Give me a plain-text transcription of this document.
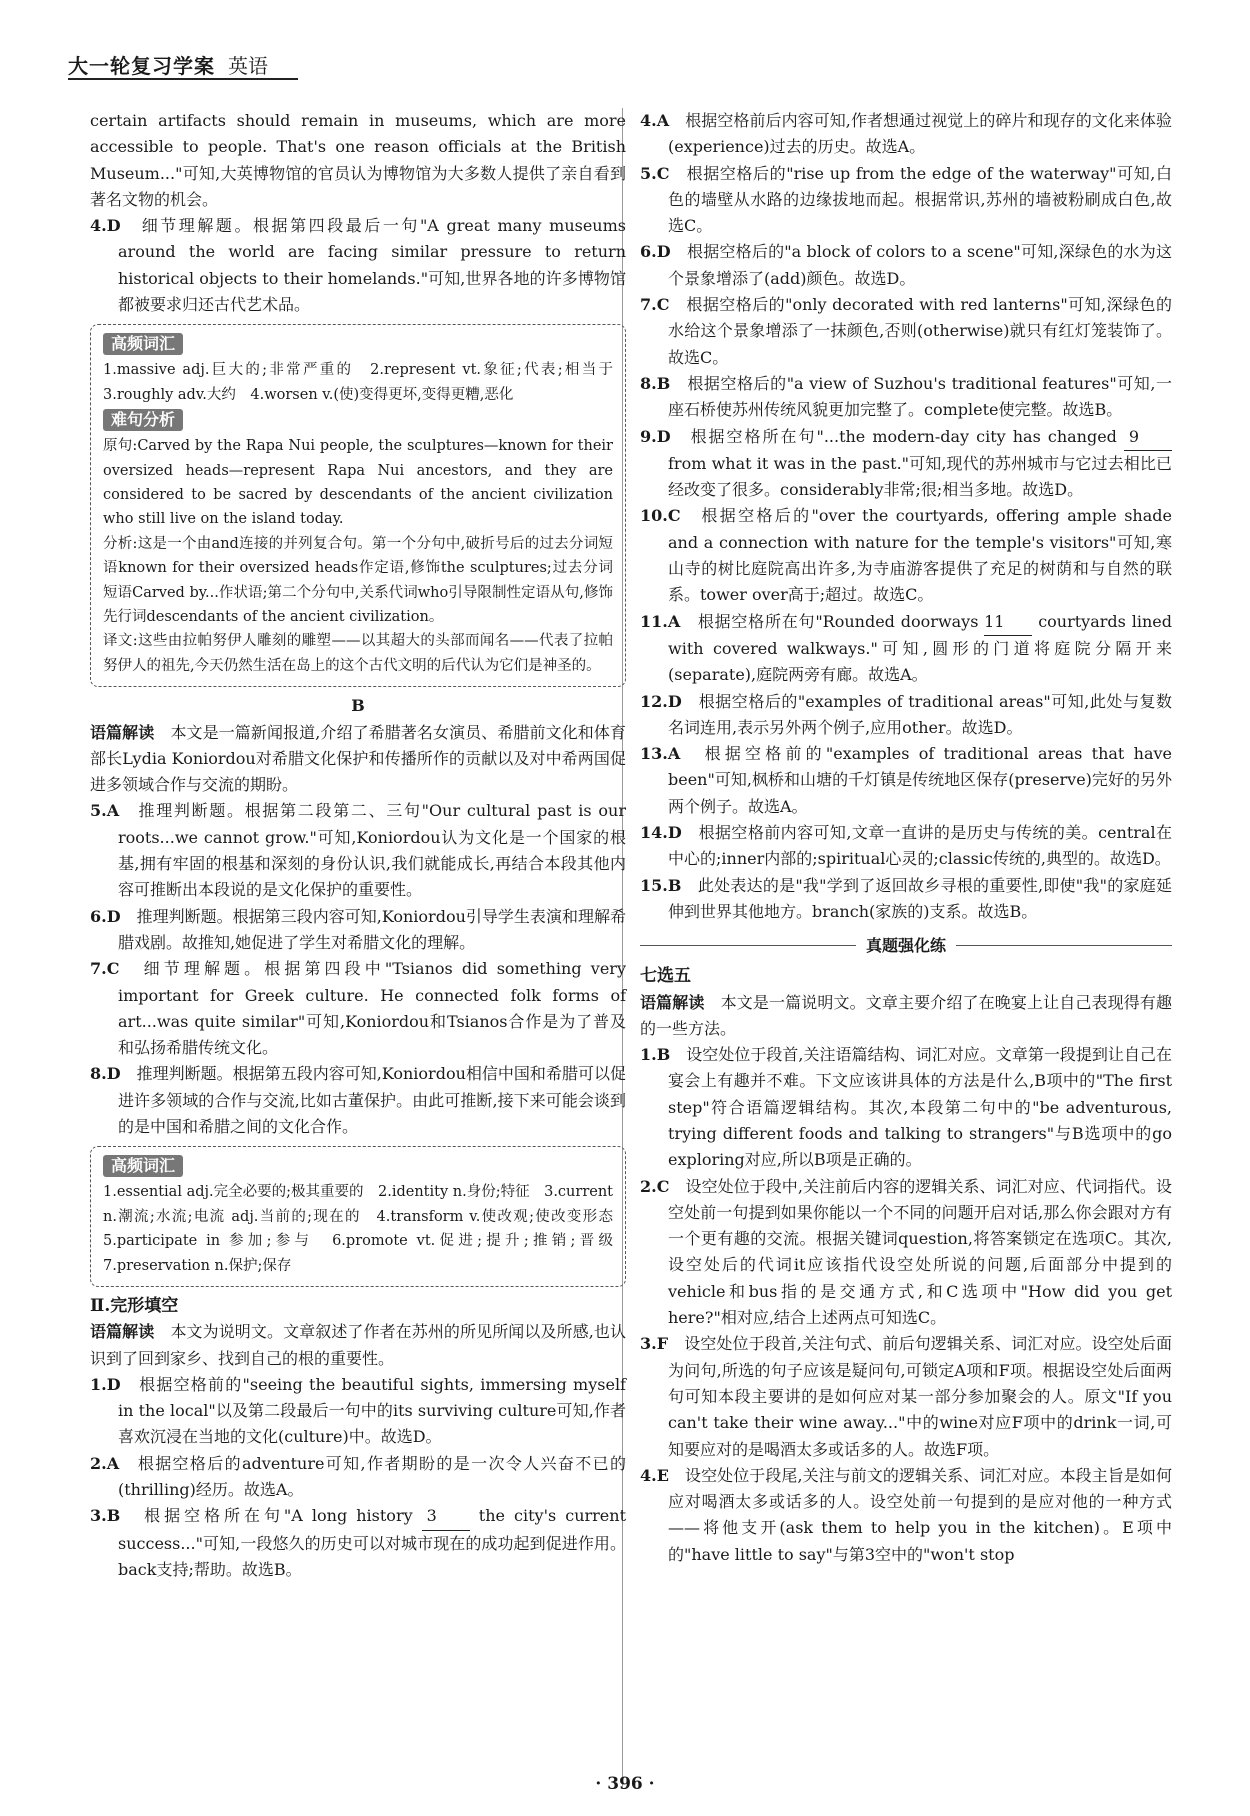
大一轮复习学案 英语

certain artifacts should remain in museums, which are more accessible to people. That's one reason officials at the British Museum..."可知,大英博物馆的官员认为博物馆为大多数人提供了亲自看到著名文物的机会。

4.D　 细节理解题。根据第四段最后一句"A great many museums around the world are facing similar pressure to return historical objects to their homelands."可知,世界各地的许多博物馆都被要求归还古代艺术品。

高频词汇

1.massive adj.巨大的;非常严重的　2.represent vt.象征;代表;相当于　3.roughly adv.大约　4.worsen v.(使)变得更坏,变得更糟,恶化

难句分析

原句:Carved by the Rapa Nui people, the sculptures—known for their oversized heads—represent Rapa Nui ancestors, and they are considered to be sacred by descendants of the ancient civilization who still live on the island today.

分析:这是一个由and连接的并列复合句。第一个分句中,破折号后的过去分词短语known for their oversized heads作定语,修饰the sculptures;过去分词短语Carved by...作状语;第二个分句中,关系代词who引导限制性定语从句,修饰先行词descendants of the ancient civilization。

译文:这些由拉帕努伊人雕刻的雕塑——以其超大的头部而闻名——代表了拉帕努伊人的祖先,今天仍然生活在岛上的这个古代文明的后代认为它们是神圣的。

B

语篇解读　 本文是一篇新闻报道,介绍了希腊著名女演员、希腊前文化和体育部长Lydia Koniordou对希腊文化保护和传播所作的贡献以及对中希两国促进多领域合作与交流的期盼。

5.A　 推理判断题。根据第二段第二、三句"Our cultural past is our roots...we cannot grow."可知,Koniordou认为文化是一个国家的根基,拥有牢固的根基和深刻的身份认识,我们就能成长,再结合本段其他内容可推断出本段说的是文化保护的重要性。

6.D　 推理判断题。根据第三段内容可知,Koniordou引导学生表演和理解希腊戏剧。故推知,她促进了学生对希腊文化的理解。

7.C　 细节理解题。根据第四段中"Tsianos did something very important for Greek culture. He connected folk forms of art...was quite similar"可知,Koniordou和Tsianos合作是为了普及和弘扬希腊传统文化。

8.D　 推理判断题。根据第五段内容可知,Koniordou相信中国和希腊可以促进许多领域的合作与交流,比如古董保护。由此可推断,接下来可能会谈到的是中国和希腊之间的文化合作。

高频词汇

1.essential adj.完全必要的;极其重要的　2.identity n.身份;特征　3.current n.潮流;水流;电流 adj.当前的;现在的　4.transform v.使改观;使改变形态　5.participate in 参加;参与　6.promote vt.促进;提升;推销;晋级　7.preservation n.保护;保存

Ⅱ.完形填空

语篇解读　 本文为说明文。文章叙述了作者在苏州的所见所闻以及所感,也认识到了回到家乡、找到自己的根的重要性。

1.D　 根据空格前的"seeing the beautiful sights, immersing myself in the local"以及第二段最后一句中的its surviving culture可知,作者喜欢沉浸在当地的文化(culture)中。故选D。

2.A　 根据空格后的adventure可知,作者期盼的是一次令人兴奋不已的(thrilling)经历。故选A。

3.B　 根据空格所在句"A long history 3	the city's current success..."可知,一段悠久的历史可以对城市现在的成功起到促进作用。back支持;帮助。故选B。

4.A　 根据空格前后内容可知,作者想通过视觉上的碎片和现存的文化来体验(experience)过去的历史。故选A。

5.C　 根据空格后的"rise up from the edge of the waterway"可知,白色的墙壁从水路的边缘拔地而起。根据常识,苏州的墙被粉刷成白色,故选C。

6.D　 根据空格后的"a block of colors to a scene"可知,深绿色的水为这个景象增添了(add)颜色。故选D。

7.C　 根据空格后的"only decorated with red lanterns"可知,深绿色的水给这个景象增添了一抹颜色,否则(otherwise)就只有红灯笼装饰了。故选C。

8.B　 根据空格后的"a view of Suzhou's traditional features"可知,一座石桥使苏州传统风貌更加完整了。complete使完整。故选B。

9.D　 根据空格所在句"...the modern-day city has changed 9 from what it was in the past."可知,现代的苏州城市与它过去相比已经改变了很多。considerably非常;很;相当多地。故选D。

10.C　 根据空格后的"over the courtyards, offering ample shade and a connection with nature for the temple's visitors"可知,寒山寺的树比庭院高出许多,为寺庙游客提供了充足的树荫和与自然的联系。tower over高于;超过。故选C。

11.A　 根据空格所在句"Rounded doorways 11 courtyards lined with covered walkways."可知,圆形的门道将庭院分隔开来(separate),庭院两旁有廊。故选A。

12.D　 根据空格后的"examples of traditional areas"可知,此处与复数名词连用,表示另外两个例子,应用other。故选D。

13.A　 根据空格前的"examples of traditional areas that have been"可知,枫桥和山塘的千灯镇是传统地区保存(preserve)完好的另外两个例子。故选A。

14.D　 根据空格前内容可知,文章一直讲的是历史与传统的美。central在中心的;inner内部的;spiritual心灵的;classic传统的,典型的。故选D。

15.B　 此处表达的是"我"学到了返回故乡寻根的重要性,即使"我"的家庭延伸到世界其他地方。branch(家族的)支系。故选B。

真题强化练

七选五

语篇解读　 本文是一篇说明文。文章主要介绍了在晚宴上让自己表现得有趣的一些方法。

1.B　 设空处位于段首,关注语篇结构、词汇对应。文章第一段提到让自己在宴会上有趣并不难。下文应该讲具体的方法是什么,B项中的"The first step"符合语篇逻辑结构。其次,本段第二句中的"be adventurous, trying different foods and talking to strangers"与B选项中的go exploring对应,所以B项是正确的。

2.C　 设空处位于段中,关注前后内容的逻辑关系、词汇对应、代词指代。设空处前一句提到如果你能以一个不同的问题开启对话,那么你会跟对方有一个更有趣的交流。根据关键词question,将答案锁定在选项C。其次,设空处后的代词it应该指代设空处所说的问题,后面部分中提到的vehicle和bus指的是交通方式,和C选项中"How did you get here?"相对应,结合上述两点可知选C。

3.F　 设空处位于段首,关注句式、前后句逻辑关系、词汇对应。设空处后面为问句,所选的句子应该是疑问句,可锁定A项和F项。根据设空处后面两句可知本段主要讲的是如何应对某一部分参加聚会的人。原文"If you can't take their wine away..."中的wine对应F项中的drink一词,可知要应对的是喝酒太多或话多的人。故选F项。

4.E　 设空处位于段尾,关注与前文的逻辑关系、词汇对应。本段主旨是如何应对喝酒太多或话多的人。设空处前一句提到的是应对他的一种方式——将他支开(ask them to help you in the kitchen)。E项中的"have little to say"与第3空中的"won't stop

· 396 ·
